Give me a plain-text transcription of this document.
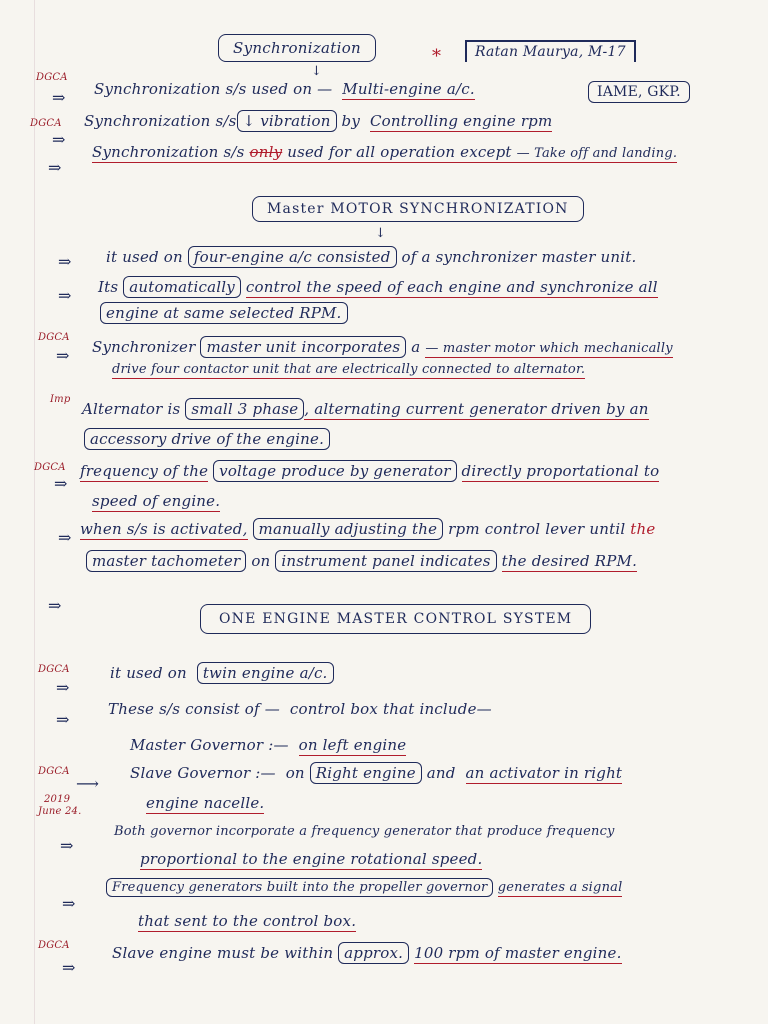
Synchronization
↓
*	Ratan Maurya, M-17
IAME, GKP.
DGCA
⇒ Synchronization s/s used on — Multi-engine a/c.
DGCA
⇒
Synchronization s/s ↓ vibration by Controlling engine rpm
⇒
Synchronization s/s only used for all operation except — Take off and landing.
Master MOTOR SYNCHRONIZATION
↓
⇒ it used on four-engine a/c consisted of a synchronizer master unit.
⇒ Its automatically control the speed of each engine and synchronize all
engine at same selected RPM.
DGCA
⇒ Synchronizer master unit incorporates a — master motor which mechanically
drive four contactor unit that are electrically connected to alternator.
Imp
Alternator is small 3 phase , alternating current generator driven by an
accessory drive of the engine.
DGCA
⇒
frequency of the voltage produce by generator directly proportational to
speed of engine.
⇒ when s/s is activated, manually adjusting the rpm control lever until the
master tachometer on instrument panel indicates the desired RPM.
⇒
ONE ENGINE MASTER CONTROL SYSTEM
DGCA
⇒
it used on twin engine a/c.
⇒
These s/s consist of — control box that include—
Master Governor :— on left engine
DGCA
⟶
2019
June 24.
Slave Governor :— on Right engine and an activator in right
engine nacelle.
⇒
Both governor incorporate a frequency generator that produce frequency
proportional to the engine rotational speed.
⇒
Frequency generators built into the propeller governor generates a signal
that sent to the control box.
DGCA
⇒
Slave engine must be within approx. 100 rpm of master engine.
